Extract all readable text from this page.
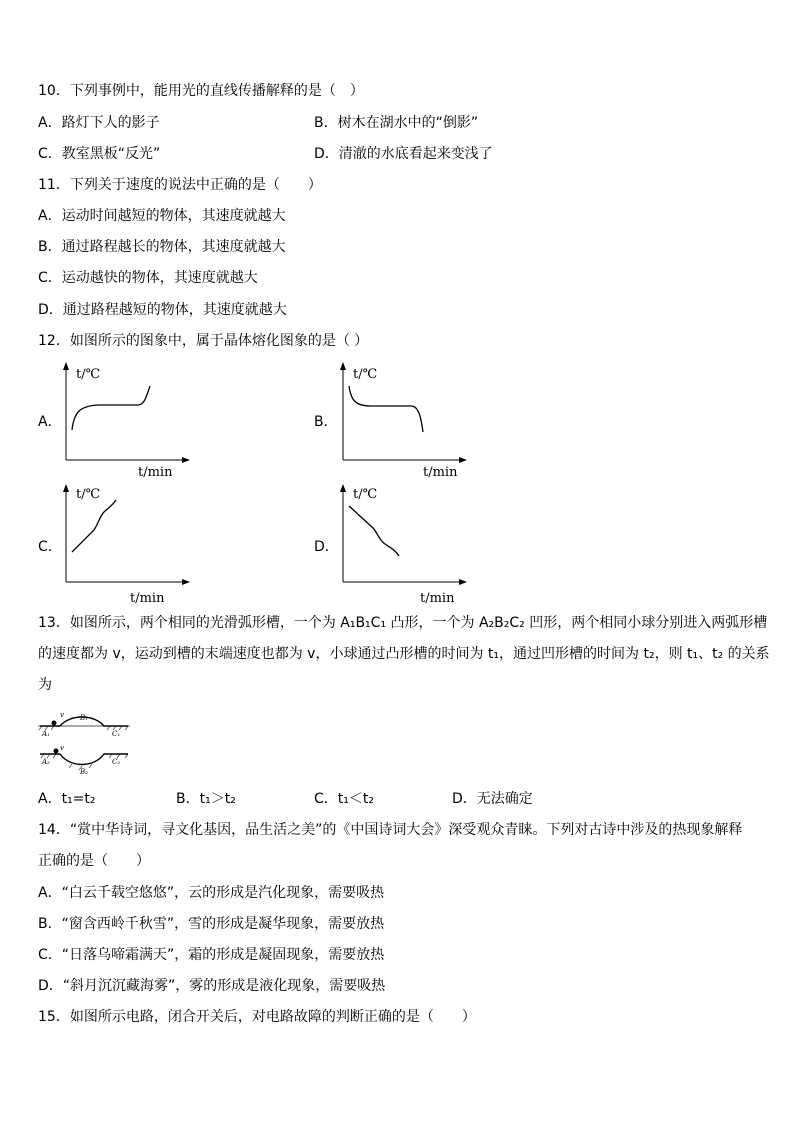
10．下列事例中，能用光的直线传播解释的是（　）
A．路灯下人的影子	B．树木在湖水中的“倒影”
C．教室黑板“反光”	D．清澈的水底看起来变浅了
11．下列关于速度的说法中正确的是（　　）
A．运动时间越短的物体，其速度就越大
B．通过路程越长的物体，其速度就越大
C．运动越快的物体，其速度就越大
D．通过路程越短的物体，其速度就越大
12．如图所示的图象中，属于晶体熔化图象的是（ ）
A．
t/℃
t/min
B．
t/℃
t/min
C．
t/℃
t/min
D．
t/℃
t/min
13．如图所示，两个相同的光滑弧形槽，一个为 A₁B₁C₁ 凸形，一个为 A₂B₂C₂ 凹形，两个相同小球分别进入两弧形槽
的速度都为 v，运动到槽的末端速度也都为 v，小球通过凸形槽的时间为 t₁，通过凹形槽的时间为 t₂，则 t₁、t₂ 的关系
为
v
A₁
B₁
C₁
v
A₂
B₂
C₂
A．t₁=t₂	B．t₁＞t₂	C．t₁＜t₂	D．无法确定
14．“赏中华诗词，寻文化基因，品生活之美”的《中国诗词大会》深受观众青睐。下列对古诗中涉及的热现象解释
正确的是（　　）
A．“白云千载空悠悠”，云的形成是汽化现象，需要吸热
B．“窗含西岭千秋雪”，雪的形成是凝华现象，需要放热
C．“日落乌啼霜满天”，霜的形成是凝固现象，需要放热
D．“斜月沉沉藏海雾”，雾的形成是液化现象，需要吸热
15．如图所示电路，闭合开关后，对电路故障的判断正确的是（　　）
